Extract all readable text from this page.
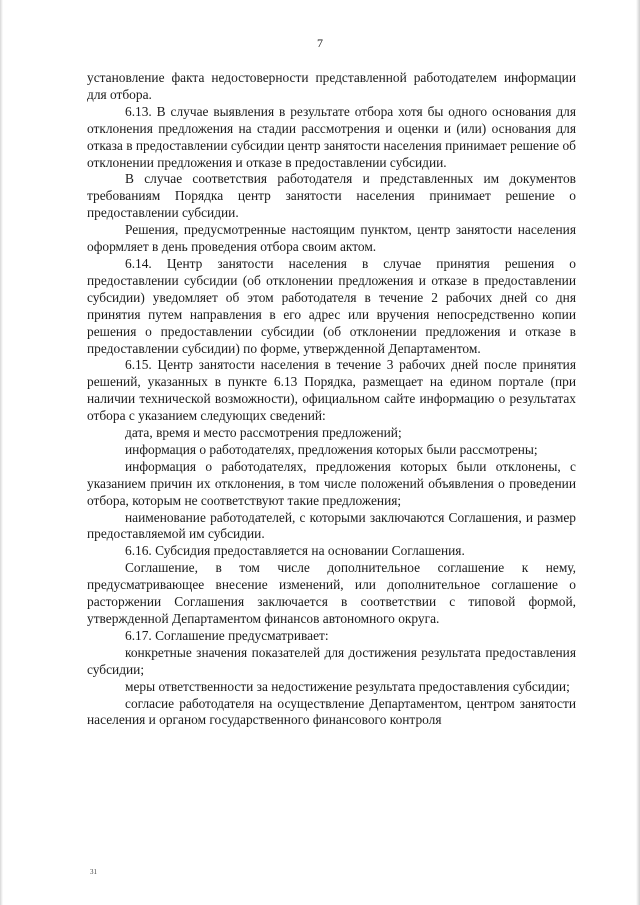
7

установление факта недостоверности представленной работодателем информации для отбора.

6.13. В случае выявления в результате отбора хотя бы одного основания для отклонения предложения на стадии рассмотрения и оценки и (или) основания для отказа в предоставлении субсидии центр занятости населения принимает решение об отклонении предложения и отказе в предоставлении субсидии.

В случае соответствия работодателя и представленных им документов требованиям Порядка центр занятости населения принимает решение о предоставлении субсидии.

Решения, предусмотренные настоящим пунктом, центр занятости населения оформляет в день проведения отбора своим актом.

6.14. Центр занятости населения в случае принятия решения о предоставлении субсидии (об отклонении предложения и отказе в предоставлении субсидии) уведомляет об этом работодателя в течение 2 рабочих дней со дня принятия путем направления в его адрес или вручения непосредственно копии решения о предоставлении субсидии (об отклонении предложения и отказе в предоставлении субсидии) по форме, утвержденной Департаментом.

6.15. Центр занятости населения в течение 3 рабочих дней после принятия решений, указанных в пункте 6.13 Порядка, размещает на едином портале (при наличии технической возможности), официальном сайте информацию о результатах отбора с указанием следующих сведений:

дата, время и место рассмотрения предложений;

информация о работодателях, предложения которых были рассмотрены;

информация о работодателях, предложения которых были отклонены, с указанием причин их отклонения, в том числе положений объявления о проведении отбора, которым не соответствуют такие предложения;

наименование работодателей, с которыми заключаются Соглашения, и размер предоставляемой им субсидии.

6.16. Субсидия предоставляется на основании Соглашения.

Соглашение, в том числе дополнительное соглашение к нему, предусматривающее внесение изменений, или дополнительное соглашение о расторжении Соглашения заключается в соответствии с типовой формой, утвержденной Департаментом финансов автономного округа.

6.17. Соглашение предусматривает:

конкретные значения показателей для достижения результата предоставления субсидии;

меры ответственности за недостижение результата предоставления субсидии;

согласие работодателя на осуществление Департаментом, центром занятости населения и органом государственного финансового контроля

31
